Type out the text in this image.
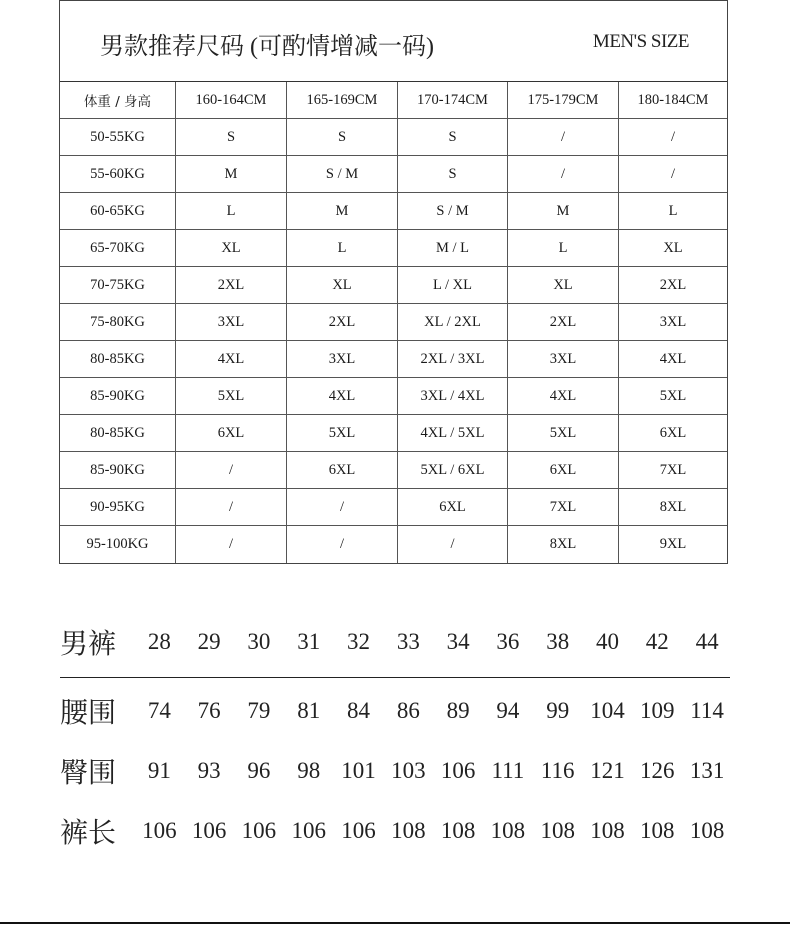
男款推荐尺码 (可酌情增减一码)	MEN'S SIZE
体重 / 身高	160-164CM	165-169CM	170-174CM	175-179CM	180-184CM
50-55KG	S	S	S	/	/
55-60KG	M	S / M	S	/	/
60-65KG	L	M	S / M	M	L
65-70KG	XL	L	M / L	L	XL
70-75KG	2XL	XL	L / XL	XL	2XL
75-80KG	3XL	2XL	XL / 2XL	2XL	3XL
80-85KG	4XL	3XL	2XL / 3XL	3XL	4XL
85-90KG	5XL	4XL	3XL / 4XL	4XL	5XL
80-85KG	6XL	5XL	4XL / 5XL	5XL	6XL
85-90KG	/	6XL	5XL / 6XL	6XL	7XL
90-95KG	/	/	6XL	7XL	8XL
95-100KG	/	/	/	8XL	9XL
男裤	28	29	30	31	32	33	34	36	38	40	42	44
腰围	74	76	79	81	84	86	89	94	99 104 109 114
臀围	91	93	96	98 101 103 106 111 116 121 126 131
裤长	106 106 106 106 106 108 108 108 108 108 108 108
